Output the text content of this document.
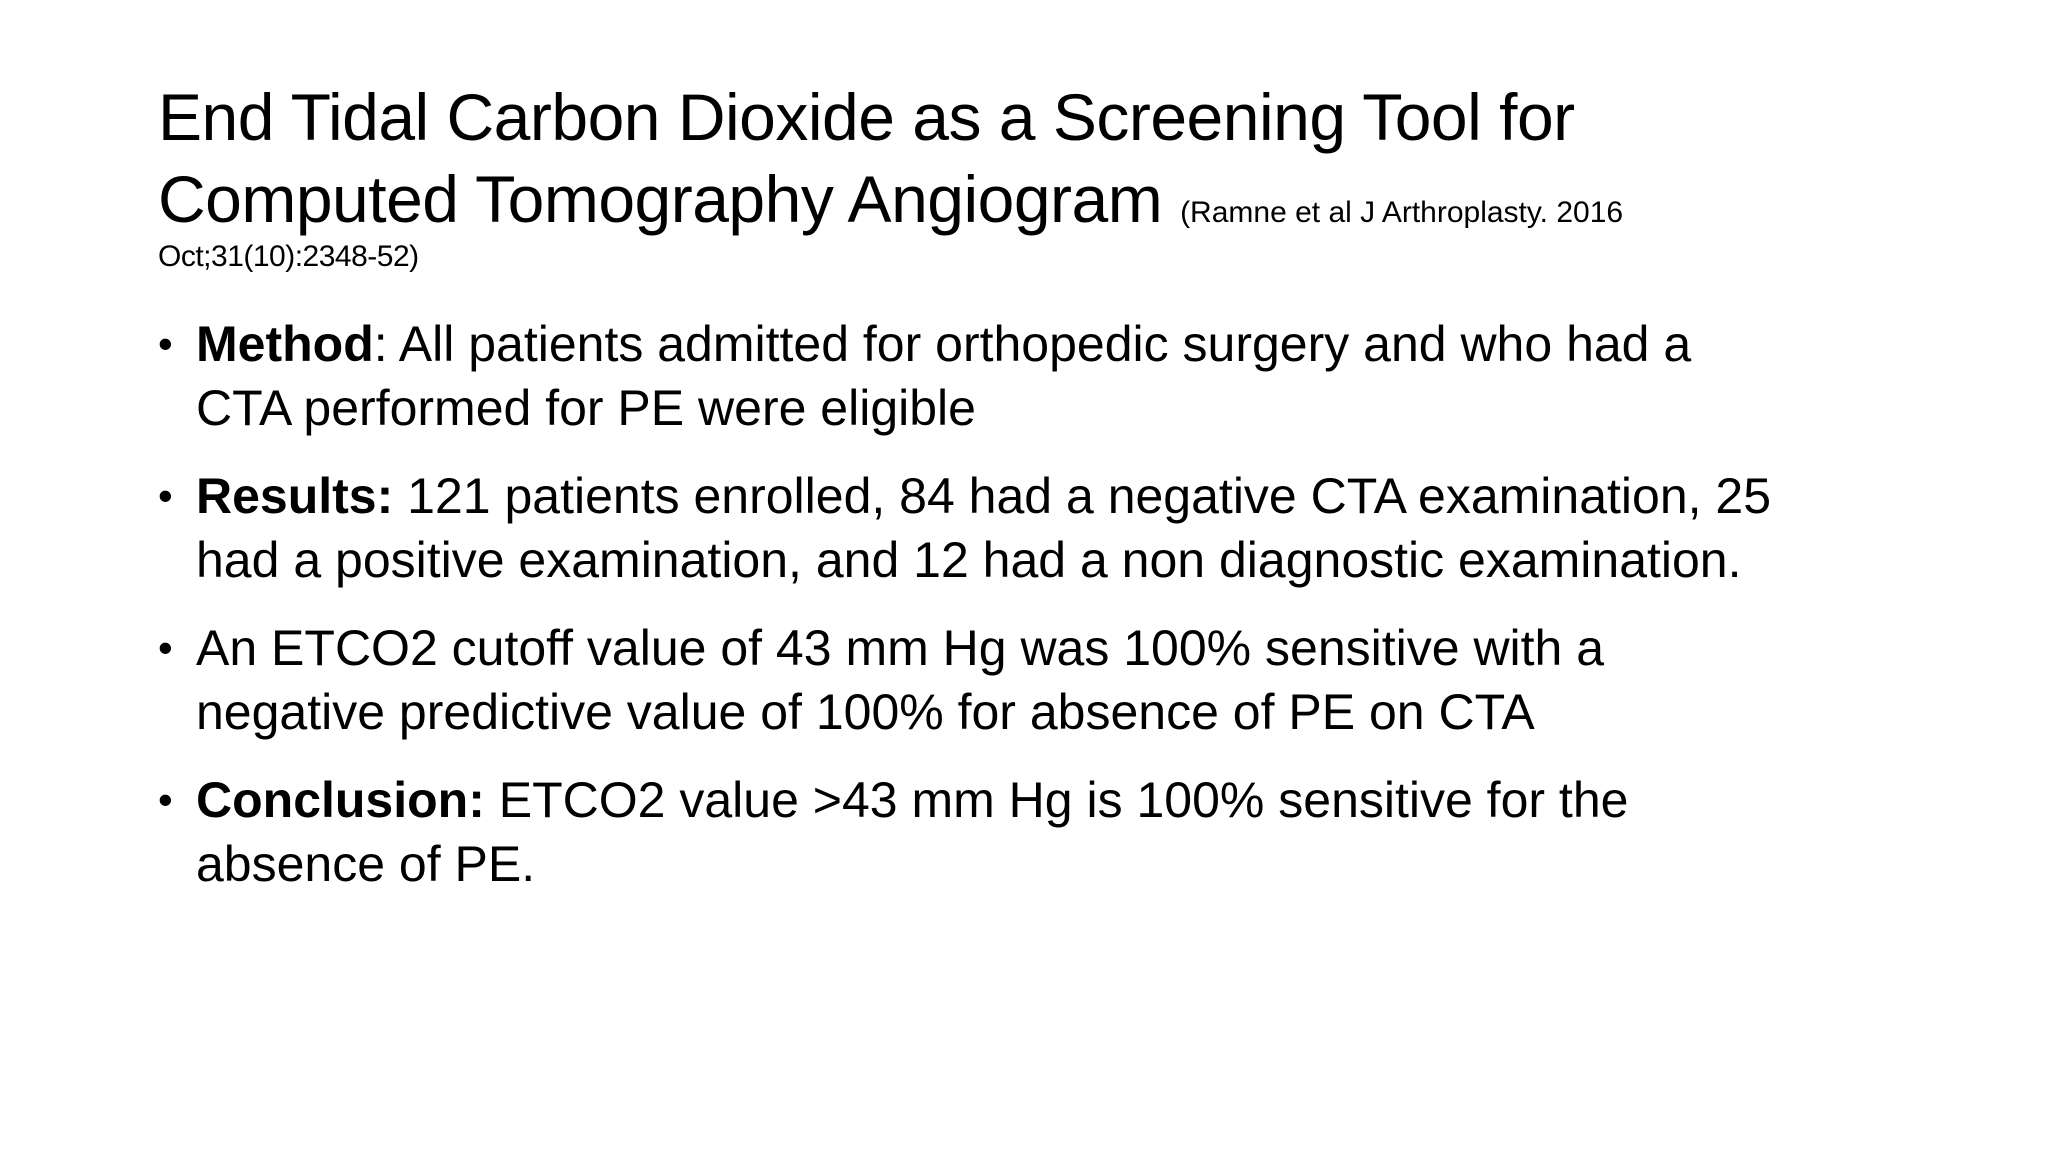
End Tidal Carbon Dioxide as a Screening Tool for
Computed Tomography Angiogram (Ramne et al J Arthroplasty. 2016
Oct;31(10):2348-52)
• Method: All patients admitted for orthopedic surgery and who had a
CTA performed for PE were eligible
• Results: 121 patients enrolled, 84 had a negative CTA examination, 25
had a positive examination, and 12 had a non diagnostic examination.
• An ETCO2 cutoff value of 43 mm Hg was 100% sensitive with a
negative predictive value of 100% for absence of PE on CTA
• Conclusion: ETCO2 value >43 mm Hg is 100% sensitive for the
absence of PE.
